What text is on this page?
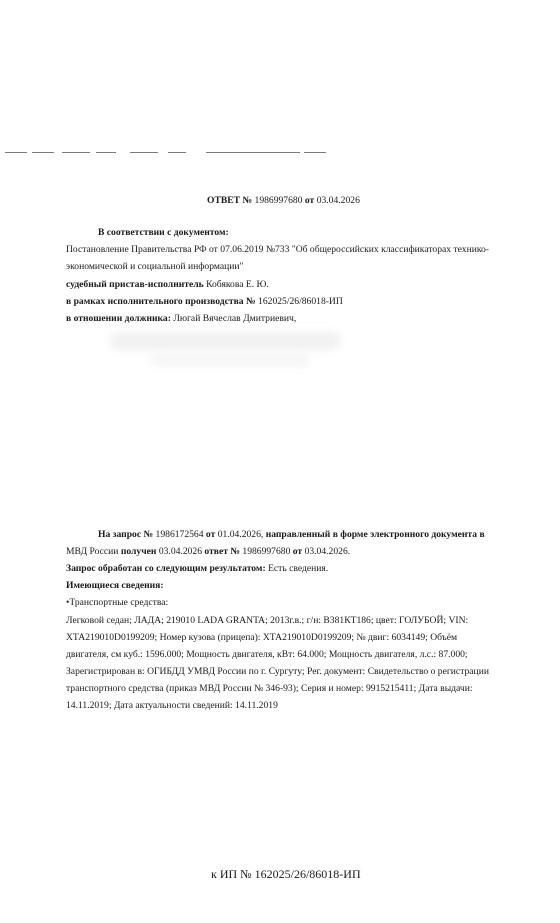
ОТВЕТ № 1986997680 от 03.04.2026
В соответствии с документом:
Постановление Правительства РФ от 07.06.2019 №733 "Об общероссийских классификаторах технико-
экономической и социальной информации"
судебный пристав-исполнитель Кобякова Е. Ю.
в рамках исполнительного производства № 162025/26/86018-ИП
в отношении должника: Люгай Вячеслав Дмитриевич,
На запрос № 1986172564 от 01.04.2026, направленный в форме электронного документа в
МВД России получен 03.04.2026 ответ № 1986997680 от 03.04.2026.
Запрос обработан со следующим результатом: Есть сведения.
Имеющиеся сведения:
•Транспортные средства:

Легковой седан; ЛАДА; 219010 LADA GRANTA; 2013г.в.; г/н: В381КТ186; цвет: ГОЛУБОЙ; VIN:

ХТА219010D0199209; Номер кузова (прицепа): ХТА219010D0199209; № двиг: 6034149; Объём

двигателя, см куб.: 1596.000; Мощность двигателя, кВт: 64.000; Мощность двигателя, л.с.: 87.000;

Зарегистрирован в: ОГИБДД УМВД России по г. Сургуту; Рег. документ: Свидетельство о регистрации

транспортного средства (приказ МВД России № 346-93); Серия и номер: 9915215411; Дата выдачи:

14.11.2019; Дата актуальности сведений: 14.11.2019

к ИП № 162025/26/86018-ИП
